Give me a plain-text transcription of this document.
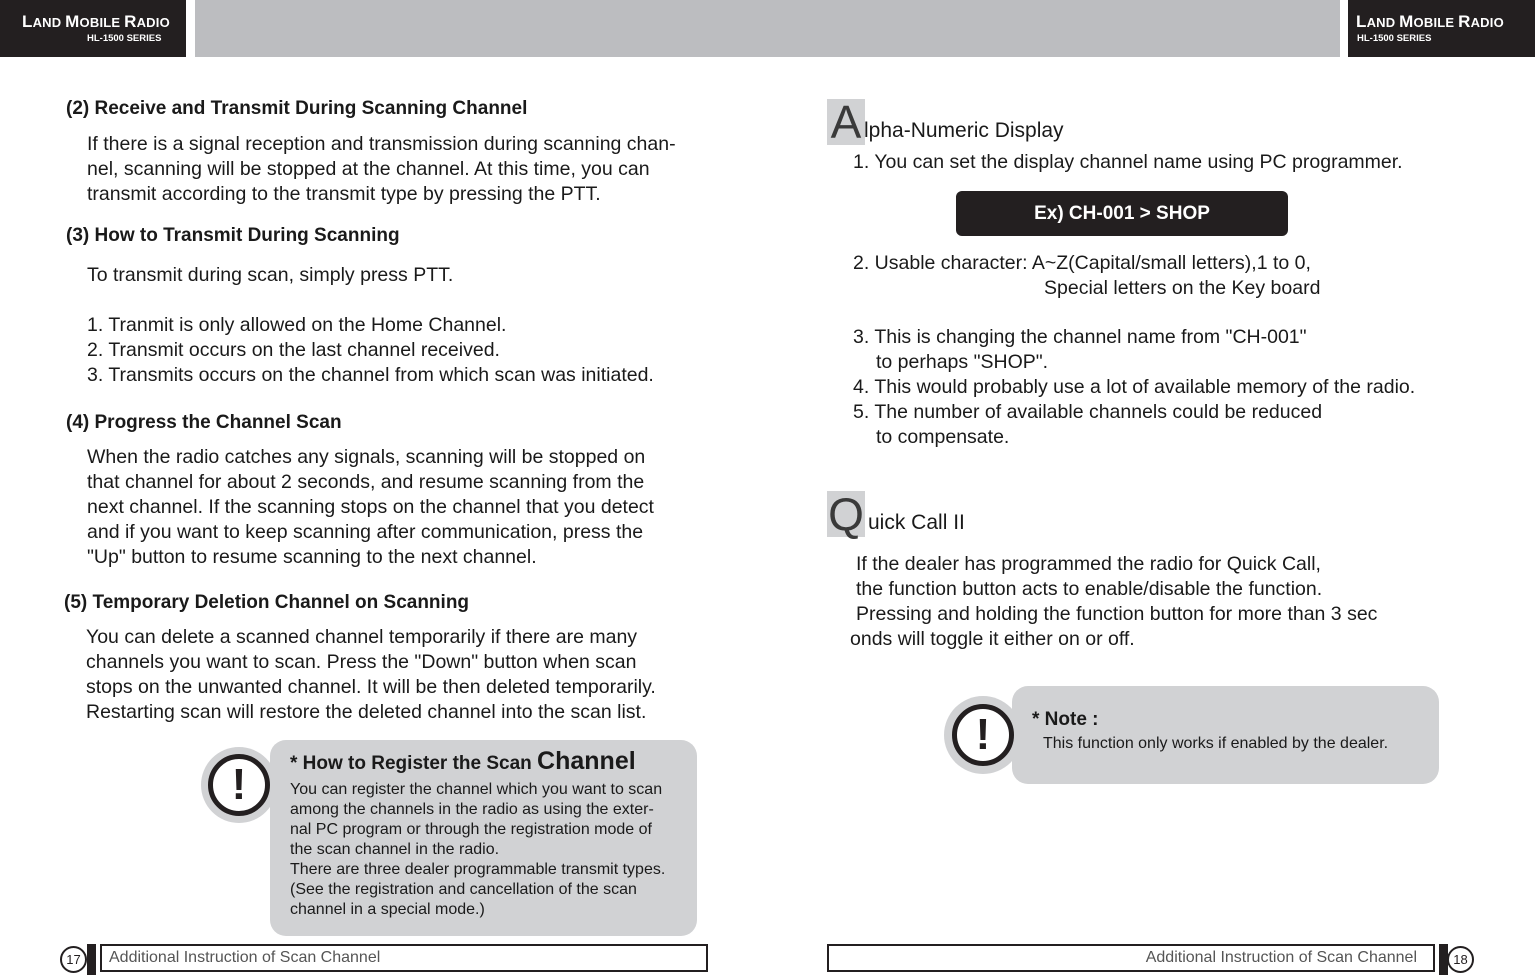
LAND MOBILE RADIO
HL-1500 SERIES
LAND MOBILE RADIO
HL-1500 SERIES
(2) Receive and Transmit During Scanning Channel
If there is a signal reception and transmission during scanning chan-
nel, scanning will be stopped at the channel. At this time, you can
transmit according to the transmit type by pressing the PTT.
(3) How to Transmit During Scanning
To transmit during scan, simply press PTT.
1. Tranmit is only allowed on the Home Channel.
2. Transmit occurs on the last channel received.
3. Transmits occurs on the channel from which scan was initiated.
(4) Progress the Channel Scan
When the radio catches any signals, scanning will be stopped on
that channel for about 2 seconds, and resume scanning from the
next channel. If the scanning stops on the channel that you detect
and if you want to keep scanning after communication, press the
"Up" button to resume scanning to the next channel.
(5) Temporary Deletion Channel on Scanning
You can delete a scanned channel temporarily if there are many
channels you want to scan. Press the "Down" button when scan
stops on the unwanted channel. It will be then deleted temporarily.
Restarting scan will restore the deleted channel into the scan list.
!	* How to Register the Scan Channel
You can register the channel which you want to scan
among the channels in the radio as using the exter-
nal PC program or through the registration mode of
the scan channel in the radio.
There are three dealer programmable transmit types.
(See the registration and cancellation of the scan
channel in a special mode.)
17	Additional Instruction of Scan Channel
A lpha-Numeric Display
1. You can set the display channel name using PC programmer.
Ex) CH-001 > SHOP
2. Usable character: A~Z(Capital/small letters),1 to 0,
Special letters on the Key board
3. This is changing the channel name from "CH-001"
to perhaps "SHOP".
4. This would probably use a lot of available memory of the radio.
5. The number of available channels could be reduced
to compensate.
Q uick Call II
If the dealer has programmed the radio for Quick Call,
the function button acts to enable/disable the function.
Pressing and holding the function button for more than 3 sec
onds will toggle it either on or off.
!	* Note :
This function only works if enabled by the dealer.
Additional Instruction of Scan Channel	18
